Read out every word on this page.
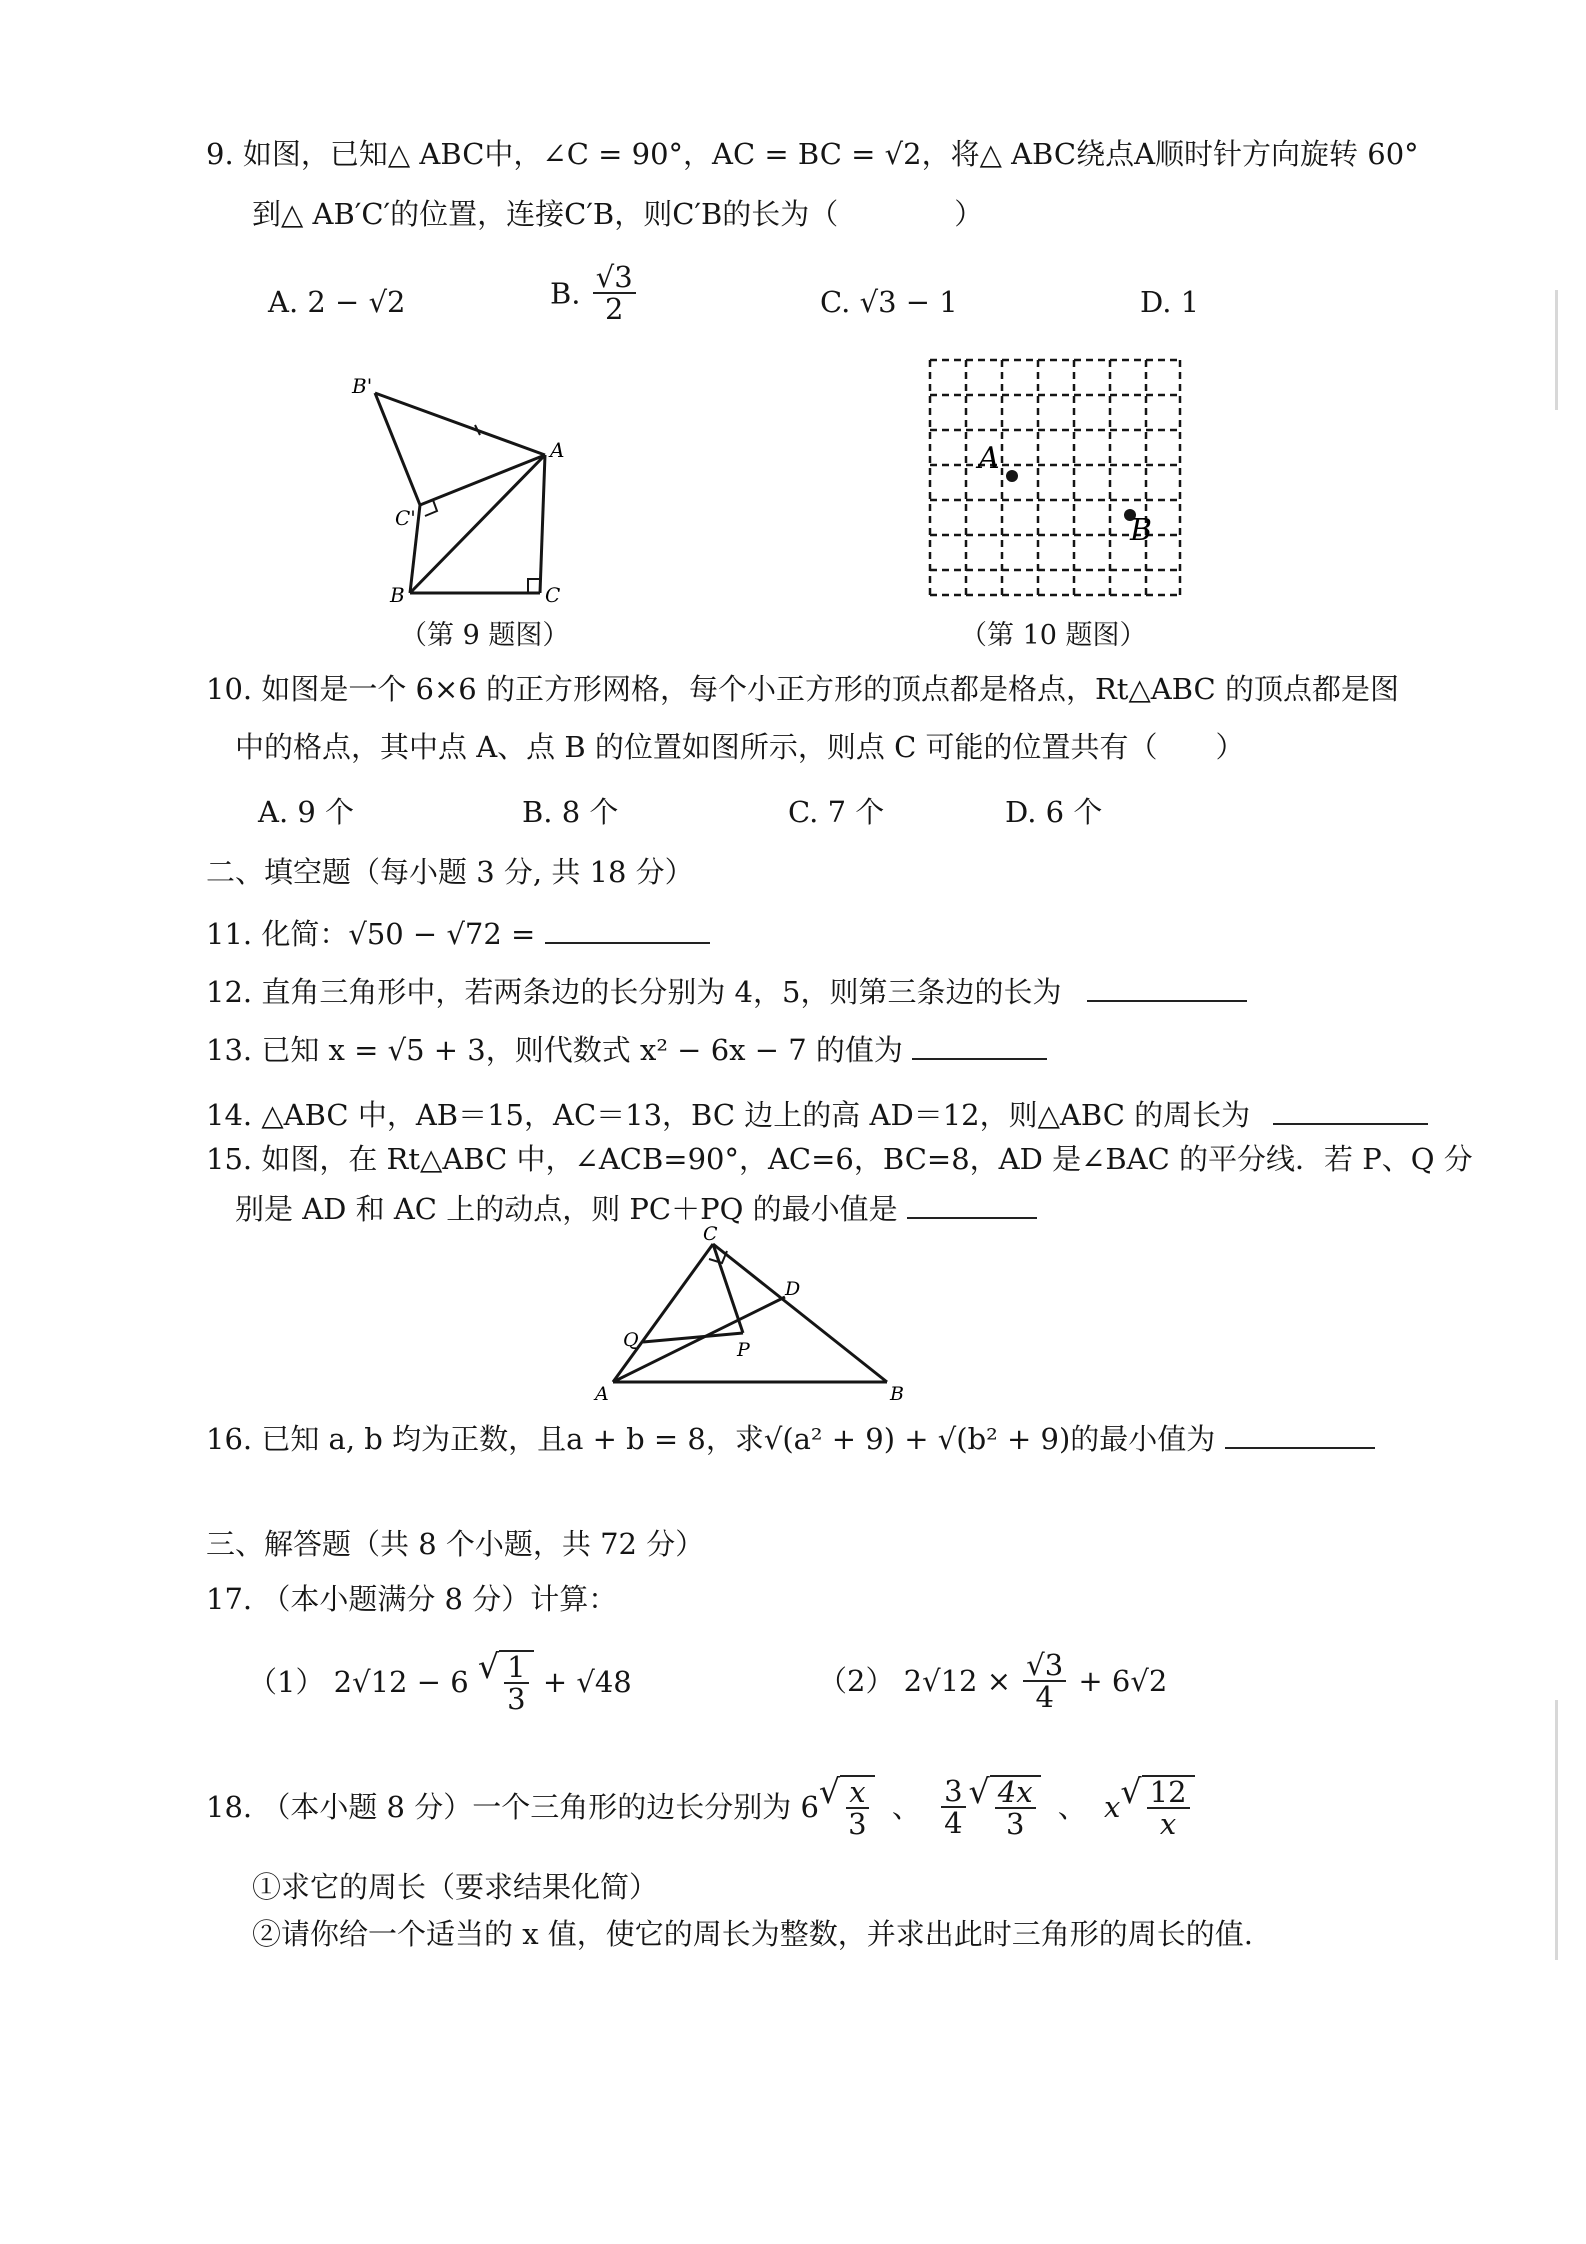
9. 如图，已知△ ABC中，∠C = 90°，AC = BC = √2，将△ ABC绕点A顺时针方向旋转 60°
到△ AB′C′的位置，连接C′B，则C′B的长为（　　　　）
A. 2 − √2	B. $\frac{√3}{2}$	C. √3 − 1	D. 1
B'
A
C'
B	C
（第 9 题图）
A
B
（第 10 题图）
10. 如图是一个 6×6 的正方形网格，每个小正方形的顶点都是格点，Rt△ABC 的顶点都是图
中的格点，其中点 A、点 B 的位置如图所示，则点 C 可能的位置共有（　　）
A. 9 个	B. 8 个	C. 7 个	D. 6 个
二、填空题（每小题 3 分, 共 18 分）
11. 化简：√50 − √72 =
12. 直角三角形中，若两条边的长分别为 4，5，则第三条边的长为
13. 已知 x = √5 + 3，则代数式 x² − 6x − 7 的值为
14. △ABC 中，AB＝15，AC＝13，BC 边上的高 AD＝12，则△ABC 的周长为
15. 如图，在 Rt△ABC 中，∠ACB=90°，AC=6，BC=8，AD 是∠BAC 的平分线．若 P、Q 分
别是 AD 和 AC 上的动点，则 PC＋PQ 的最小值是
C
D
Q	P
A	B
16. 已知 a, b 均为正数，且a + b = 8，求√(a² + 9) + √(b² + 9)的最小值为
三、解答题（共 8 个小题，共 72 分）
17. （本小题满分 8 分）计算：
（1） 2√12 − 6 √ $\frac{1}{3} + √48$	（2） $2√12 \times \frac{√3}{4} + 6√2$
18. （本小题 8 分）一个三角形的边长分别为 6 √ $\frac{x}{3}$ 、 $\frac{3}{4}$ √ $\frac{4x}{3}$ 、 x √ $\frac{12}{x}$
①求它的周长（要求结果化简）
②请你给一个适当的 x 值，使它的周长为整数，并求出此时三角形的周长的值.
